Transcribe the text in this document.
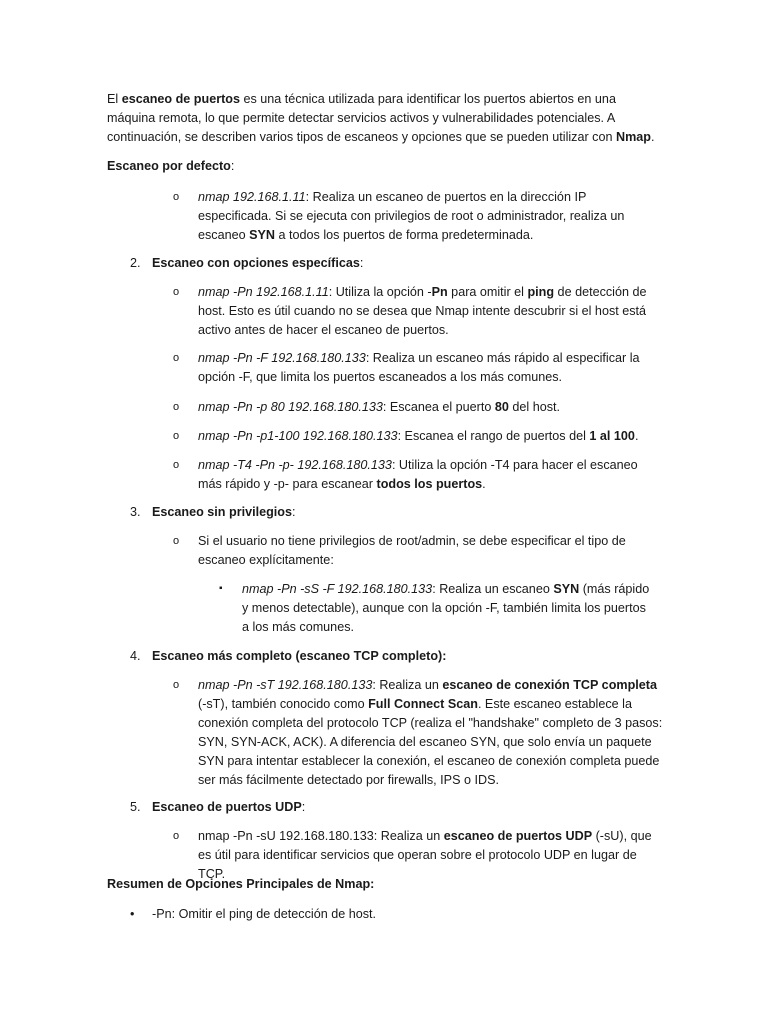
El escaneo de puertos es una técnica utilizada para identificar los puertos abiertos en una máquina remota, lo que permite detectar servicios activos y vulnerabilidades potenciales. A continuación, se describen varios tipos de escaneos y opciones que se pueden utilizar con Nmap.

Escaneo por defecto:

o nmap 192.168.1.11: Realiza un escaneo de puertos en la dirección IP especificada. Si se ejecuta con privilegios de root o administrador, realiza un escaneo SYN a todos los puertos de forma predeterminada.

2. Escaneo con opciones específicas:
o nmap -Pn 192.168.1.11: Utiliza la opción -Pn para omitir el ping de detección de host. Esto es útil cuando no se desea que Nmap intente descubrir si el host está activo antes de hacer el escaneo de puertos.

o nmap -Pn -F 192.168.180.133: Realiza un escaneo más rápido al especificar la opción -F, que limita los puertos escaneados a los más comunes.

o nmap -Pn -p 80 192.168.180.133: Escanea el puerto 80 del host.

o nmap -Pn -p1-100 192.168.180.133: Escanea el rango de puertos del 1 al 100.

o nmap -T4 -Pn -p- 192.168.180.133: Utiliza la opción -T4 para hacer el escaneo más rápido y -p- para escanear todos los puertos.

3. Escaneo sin privilegios:
o Si el usuario no tiene privilegios de root/admin, se debe especificar el tipo de escaneo explícitamente:

▪ nmap -Pn -sS -F 192.168.180.133: Realiza un escaneo SYN (más rápido y menos detectable), aunque con la opción -F, también limita los puertos a los más comunes.

4. Escaneo más completo (escaneo TCP completo):
o nmap -Pn -sT 192.168.180.133: Realiza un escaneo de conexión TCP completa (-sT), también conocido como Full Connect Scan. Este escaneo establece la conexión completa del protocolo TCP (realiza el "handshake" completo de 3 pasos: SYN, SYN-ACK, ACK). A diferencia del escaneo SYN, que solo envía un paquete SYN para intentar establecer la conexión, el escaneo de conexión completa puede ser más fácilmente detectado por firewalls, IPS o IDS.

5. Escaneo de puertos UDP:
o nmap -Pn -sU 192.168.180.133: Realiza un escaneo de puertos UDP (-sU), que es útil para identificar servicios que operan sobre el protocolo UDP en lugar de TCP.

Resumen de Opciones Principales de Nmap:

• -Pn: Omitir el ping de detección de host.
